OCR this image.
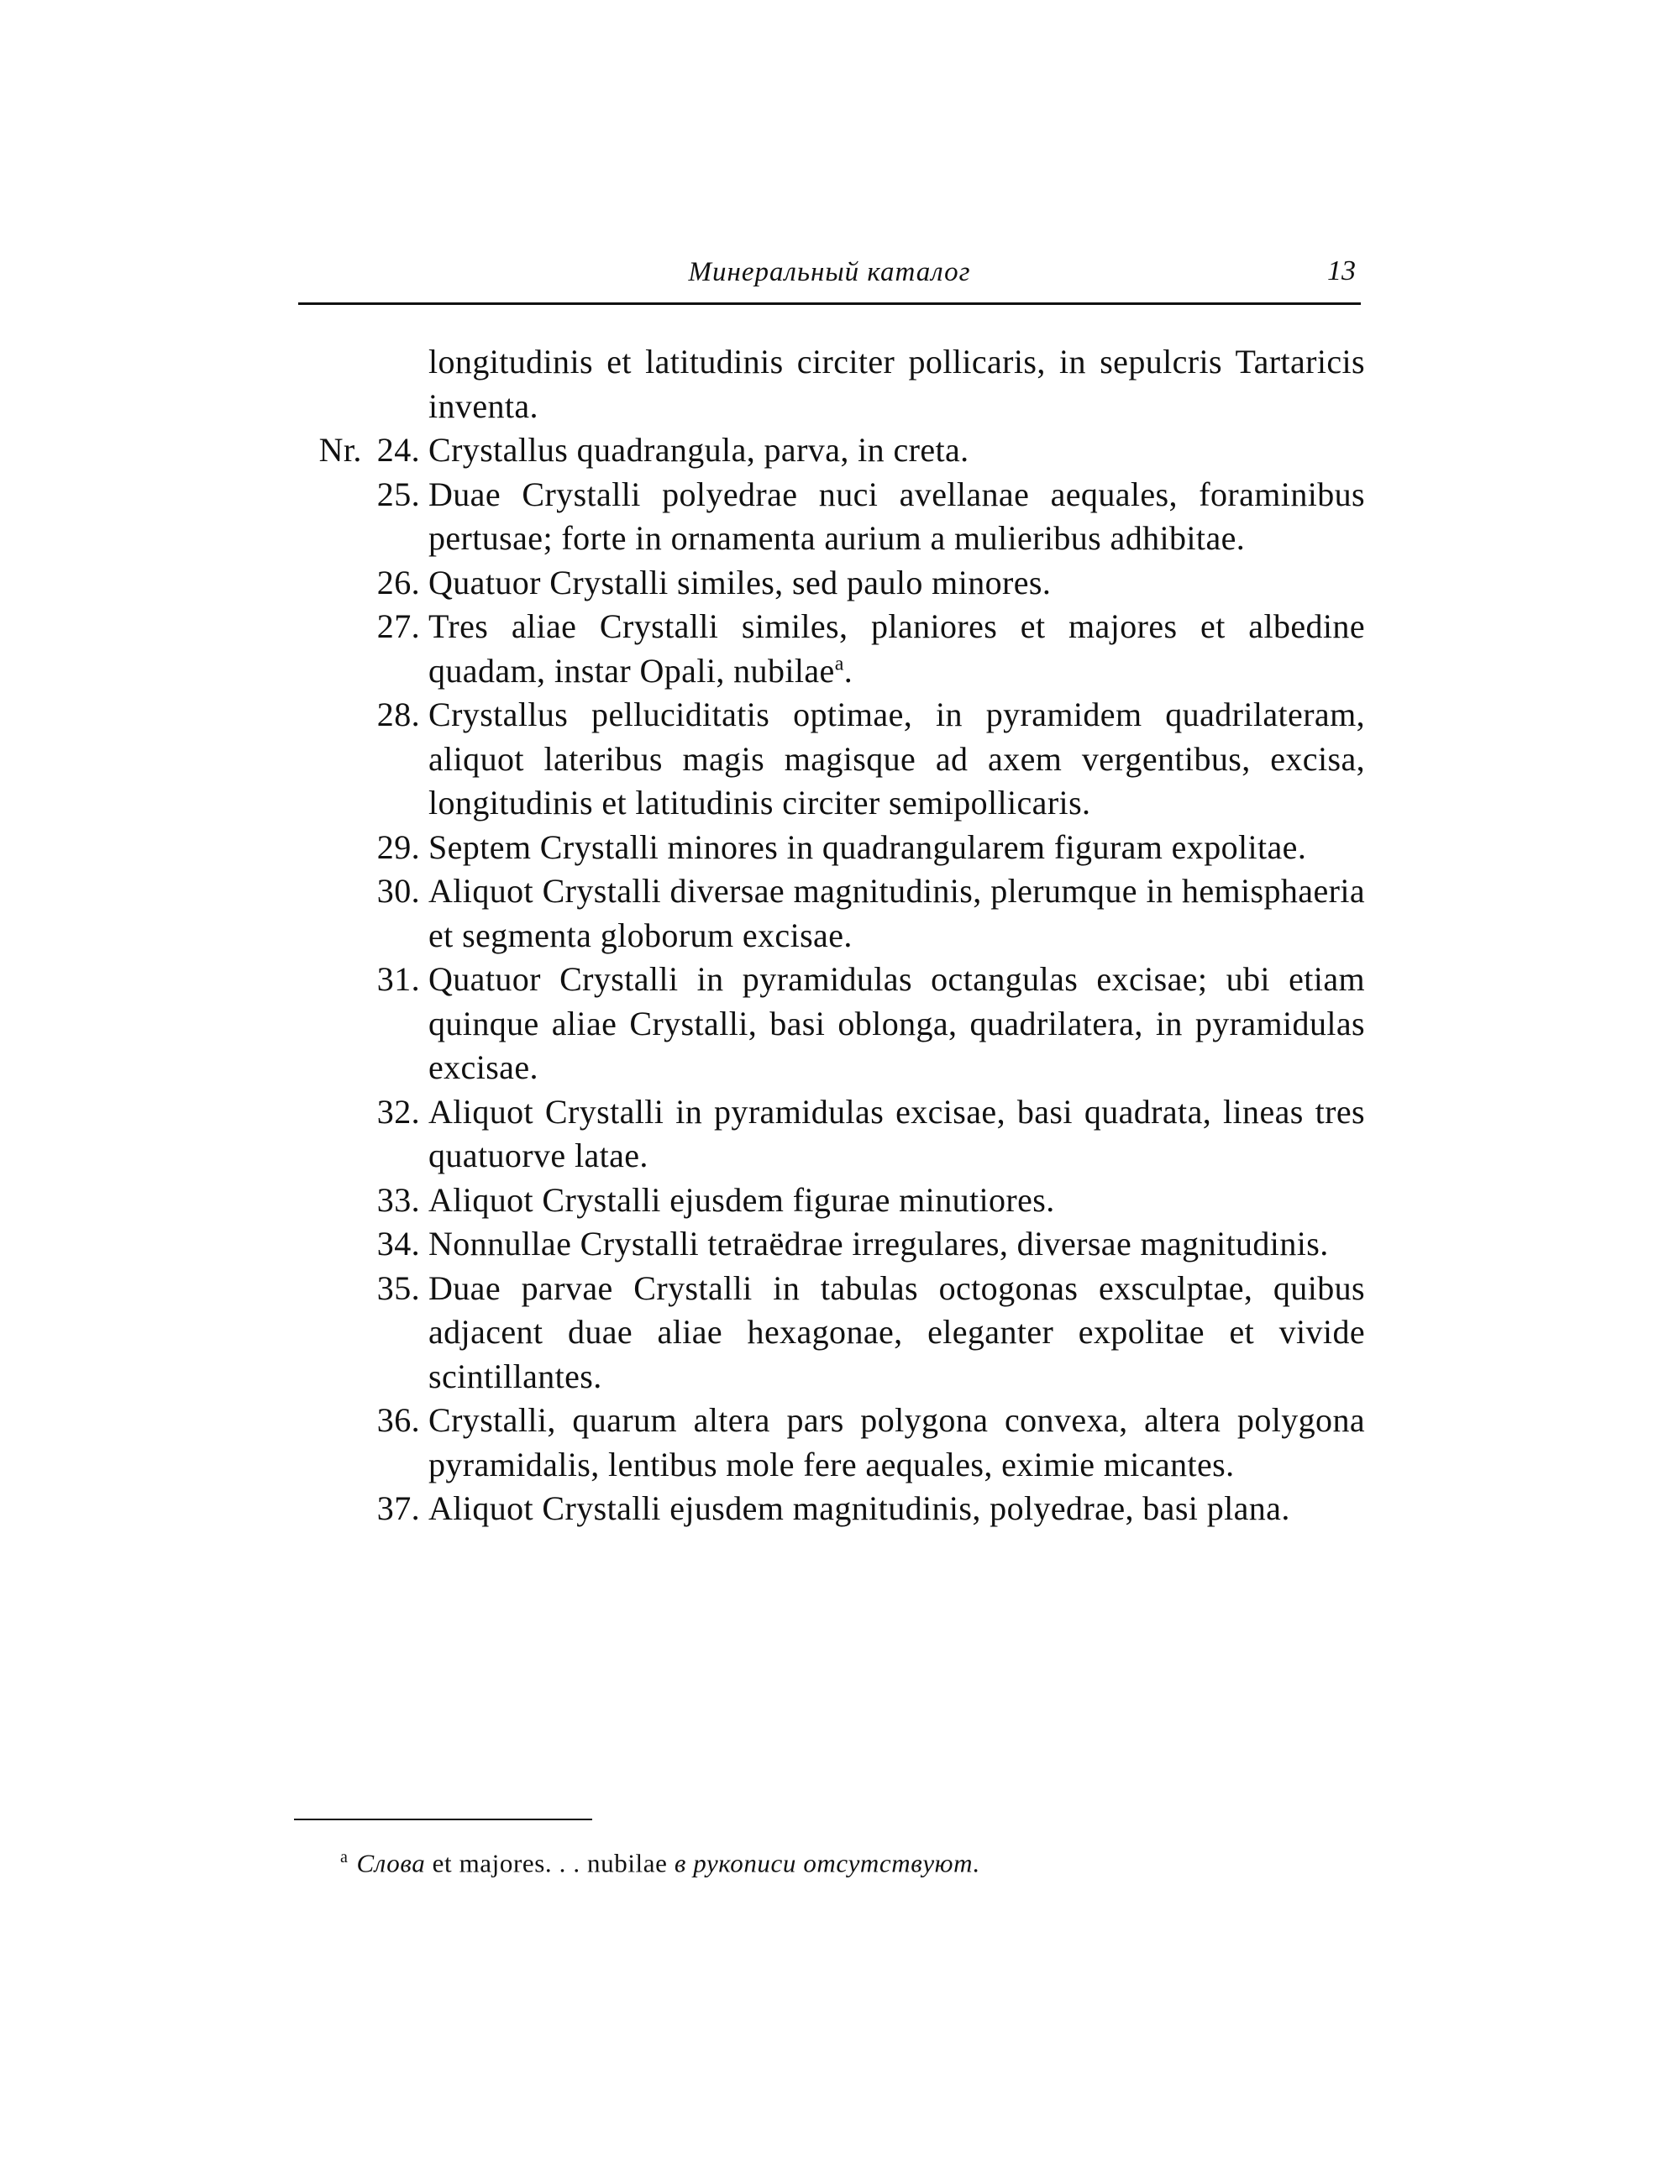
Минеральный каталог	13
longitudinis et latitudinis circiter pollicaris, in sepulcris Tartaricis inventa.
Nr. 24. Crystallus quadrangula, parva, in creta.
25. Duae Crystalli polyedrae nuci avellanae aequales, foraminibus pertusae; forte in ornamenta aurium a mulieribus adhibitae.
26. Quatuor Crystalli similes, sed paulo minores.
27. Tres aliae Crystalli similes, planiores et majores et albedine quadam, instar Opali, nubilae$^a$.
28. Crystallus pelluciditatis optimae, in pyramidem quadrilateram, aliquot lateribus magis magisque ad axem vergentibus, excisa, longitudinis et latitudinis circiter semipollicaris.
29. Septem Crystalli minores in quadrangularem figuram expolitae.
30. Aliquot Crystalli diversae magnitudinis, plerumque in hemisphaeria et segmenta globorum excisae.
31. Quatuor Crystalli in pyramidulas octangulas excisae; ubi etiam quinque aliae Crystalli, basi oblonga, quadrilatera, in pyramidulas excisae.
32. Aliquot Crystalli in pyramidulas excisae, basi quadrata, lineas tres quatuorve latae.
33. Aliquot Crystalli ejusdem figurae minutiores.
34. Nonnullae Crystalli tetraëdrae irregulares, diversae magnitudinis.
35. Duae parvae Crystalli in tabulas octogonas exsculptae, quibus adjacent duae aliae hexagonae, eleganter expolitae et vivide scintillantes.
36. Crystalli, quarum altera pars polygona convexa, altera polygona pyramidalis, lentibus mole fere aequales, eximie micantes.
37. Aliquot Crystalli ejusdem magnitudinis, polyedrae, basi plana.
$^a$ Слова et majores. . . nubilae в рукописи отсутствуют.
